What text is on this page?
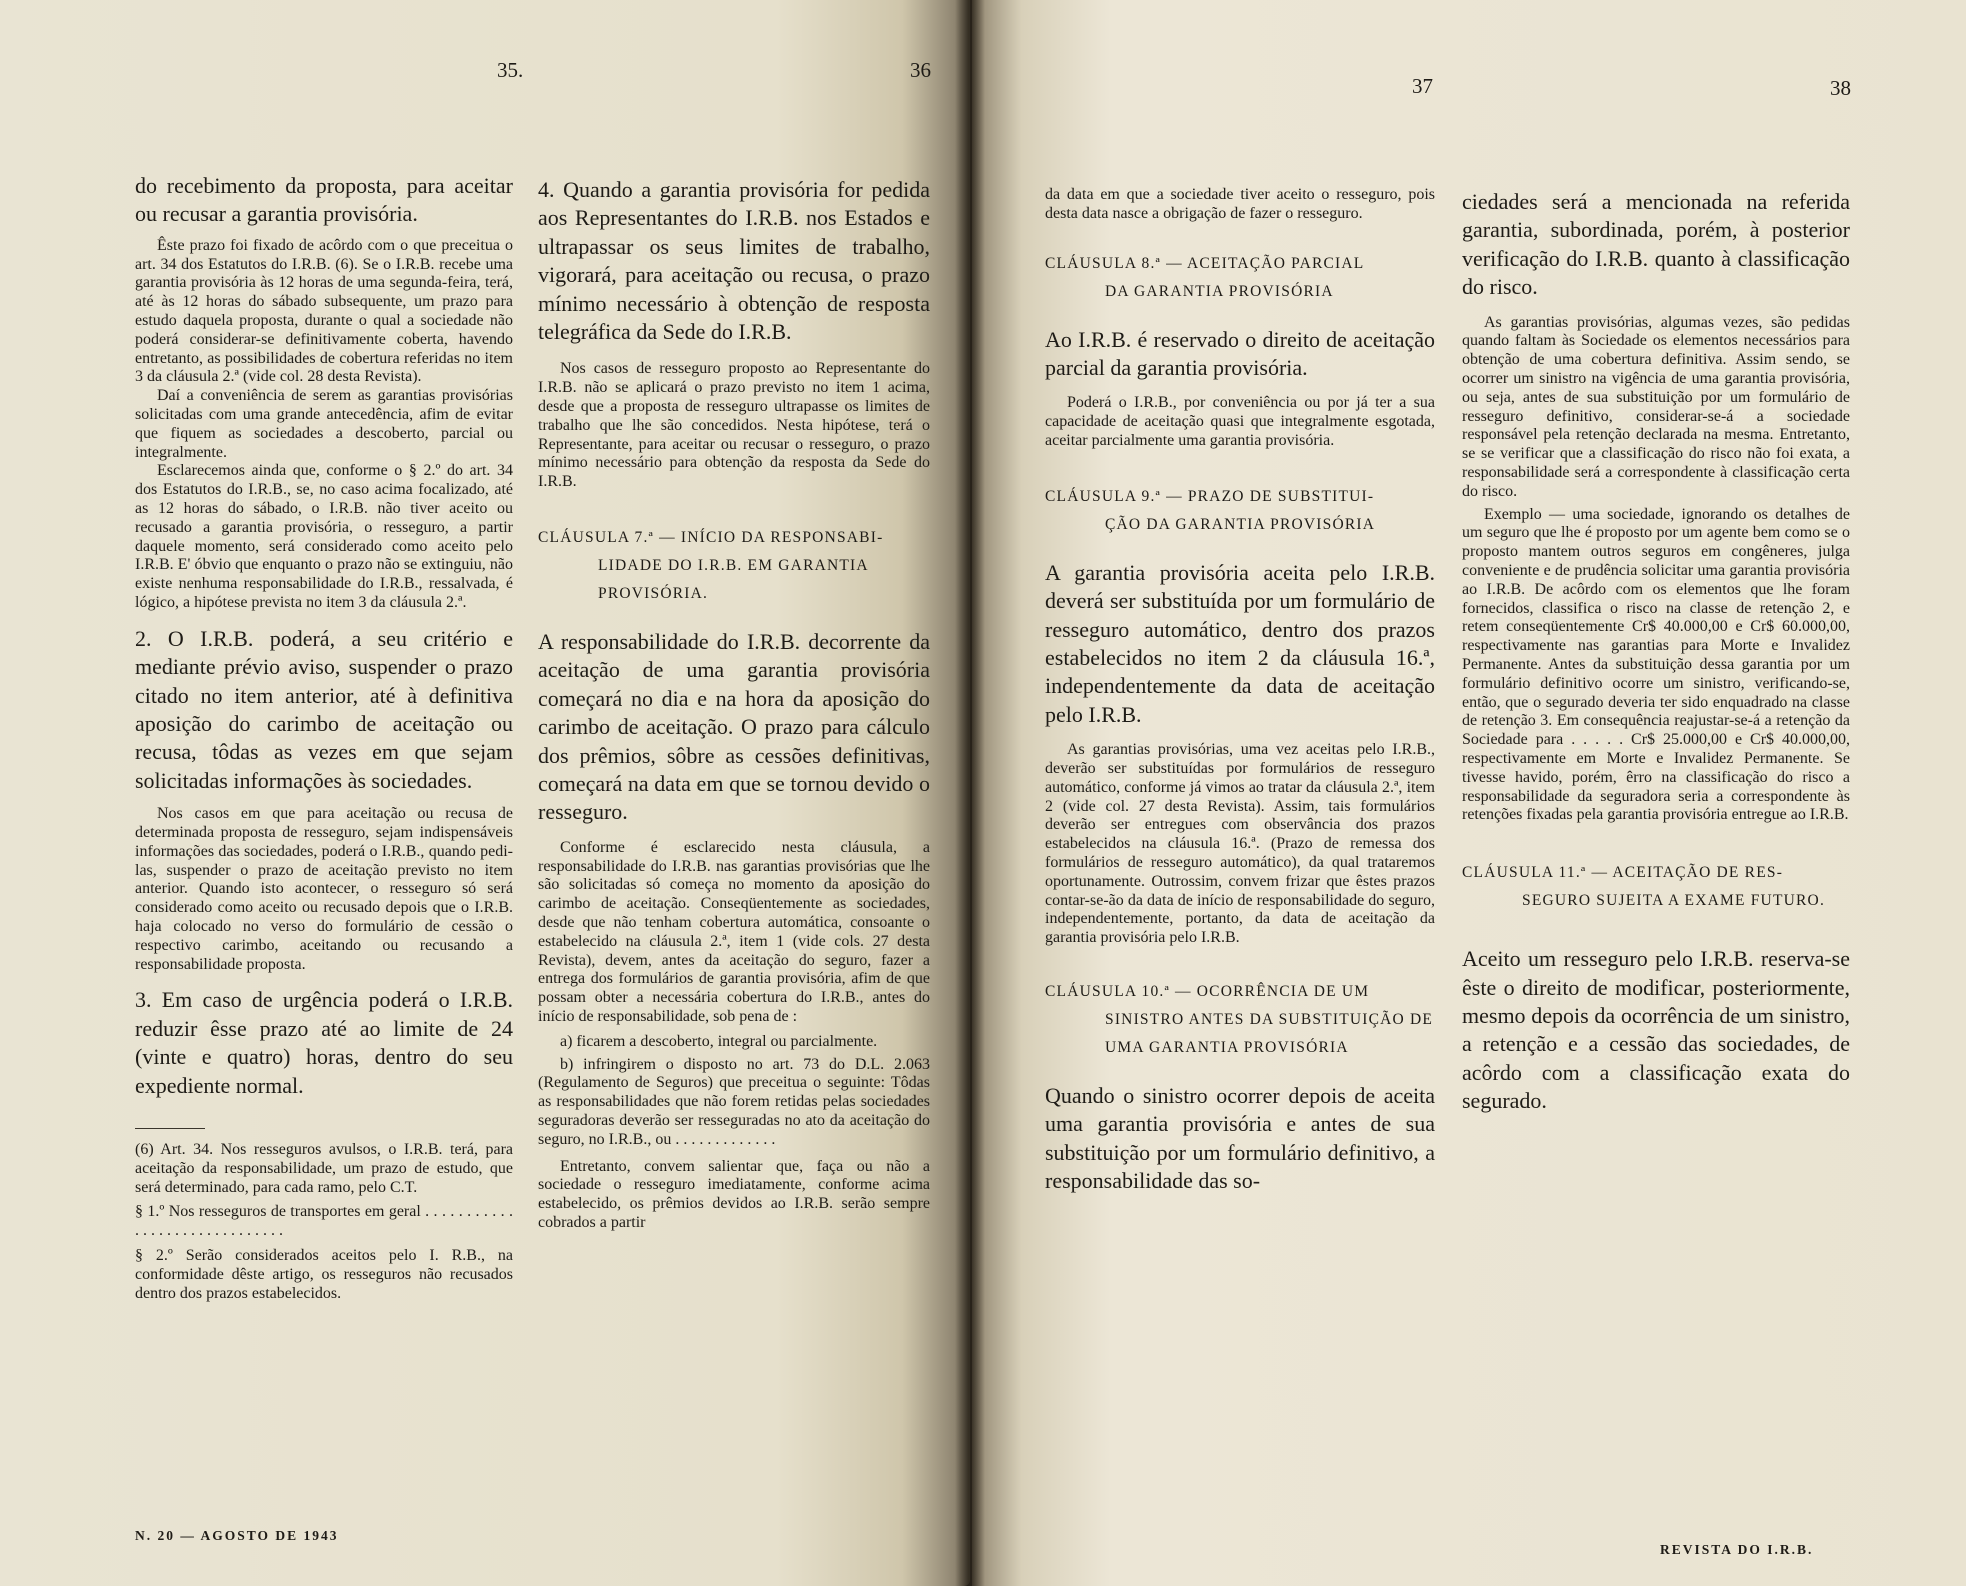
35.	36

do recebimento da proposta, para aceitar ou recusar a garantia provisória.

Êste prazo foi fixado de acôrdo com o que preceitua o art. 34 dos Estatutos do I.R.B. (6). Se o I.R.B. recebe uma garantia provisória às 12 horas de uma segunda-feira, terá, até às 12 horas do sábado subsequente, um prazo para estudo daquela proposta, durante o qual a sociedade não poderá considerar-se definitivamente coberta, havendo entretanto, as possibilidades de cobertura referidas no item 3 da cláusula 2.ª (vide col. 28 desta Revista).

Daí a conveniência de serem as garantias provisórias solicitadas com uma grande antecedência, afim de evitar que fiquem as sociedades a descoberto, parcial ou integralmente.

Esclarecemos ainda que, conforme o § 2.º do art. 34 dos Estatutos do I.R.B., se, no caso acima focalizado, até as 12 horas do sábado, o I.R.B. não tiver aceito ou recusado a garantia provisória, o resseguro, a partir daquele momento, será considerado como aceito pelo I.R.B. E' óbvio que enquanto o prazo não se extinguiu, não existe nenhuma responsabilidade do I.R.B., ressalvada, é lógico, a hipótese prevista no item 3 da cláusula 2.ª.

2. O I.R.B. poderá, a seu critério e mediante prévio aviso, suspender o prazo citado no item anterior, até à definitiva aposição do carimbo de aceitação ou recusa, tôdas as vezes em que sejam solicitadas informações às sociedades.

Nos casos em que para aceitação ou recusa de determinada proposta de resseguro, sejam indispensáveis informações das sociedades, poderá o I.R.B., quando pedi-las, suspender o prazo de aceitação previsto no item anterior. Quando isto acontecer, o resseguro só será considerado como aceito ou recusado depois que o I.R.B. haja colocado no verso do formulário de cessão o respectivo carimbo, aceitando ou recusando a responsabilidade proposta.

3. Em caso de urgência poderá o I.R.B. reduzir êsse prazo até ao limite de 24 (vinte e quatro) horas, dentro do seu expediente normal.

(6) Art. 34. Nos resseguros avulsos, o I.R.B. terá, para aceitação da responsabilidade, um prazo de estudo, que será determinado, para cada ramo, pelo C.T.

§ 1.º Nos resseguros de transportes em geral . . . . . . . . . . . . . . . . . . . . . . . . . . . . . .

§ 2.º Serão considerados aceitos pelo I. R.B., na conformidade dêste artigo, os resseguros não recusados dentro dos prazos estabelecidos.

4. Quando a garantia provisória for pedida aos Representantes do I.R.B. nos Estados e ultrapassar os seus limites de trabalho, vigorará, para aceitação ou recusa, o prazo mínimo necessário à obtenção de resposta telegráfica da Sede do I.R.B.

Nos casos de resseguro proposto ao Representante do I.R.B. não se aplicará o prazo previsto no item 1 acima, desde que a proposta de resseguro ultrapasse os limites de trabalho que lhe são concedidos. Nesta hipótese, terá o Representante, para aceitar ou recusar o resseguro, o prazo mínimo necessário para obtenção da resposta da Sede do I.R.B.

CLÁUSULA 7.ª — INÍCIO DA RESPONSABI-
LIDADE DO I.R.B. EM GARANTIA PROVISÓRIA.

A responsabilidade do I.R.B. decorrente da aceitação de uma garantia provisória começará no dia e na hora da aposição do carimbo de aceitação. O prazo para cálculo dos prêmios, sôbre as cessões definitivas, começará na data em que se tornou devido o resseguro.

Conforme é esclarecido nesta cláusula, a responsabilidade do I.R.B. nas garantias provisórias que lhe são solicitadas só começa no momento da aposição do carimbo de aceitação. Conseqüentemente as sociedades, desde que não tenham cobertura automática, consoante o estabelecido na cláusula 2.ª, item 1 (vide cols. 27 desta Revista), devem, antes da aceitação do seguro, fazer a entrega dos formulários de garantia provisória, afim de que possam obter a necessária cobertura do I.R.B., antes do início de responsabilidade, sob pena de :

a) ficarem a descoberto, integral ou parcialmente.

b) infringirem o disposto no art. 73 do D.L. 2.063 (Regulamento de Seguros) que preceitua o seguinte: Tôdas as responsabilidades que não forem retidas pelas sociedades seguradoras deverão ser resseguradas no ato da aceitação do seguro, no I.R.B., ou . . . . . . . . . . . . .

Entretanto, convem salientar que, faça ou não a sociedade o resseguro imediatamente, conforme acima estabelecido, os prêmios devidos ao I.R.B. serão sempre cobrados a partir

N. 20 — AGOSTO DE 1943
37	38

da data em que a sociedade tiver aceito o resseguro, pois desta data nasce a obrigação de fazer o resseguro.

CLÁUSULA 8.ª — ACEITAÇÃO PARCIAL
DA GARANTIA PROVISÓRIA

Ao I.R.B. é reservado o direito de aceitação parcial da garantia provisória.

Poderá o I.R.B., por conveniência ou por já ter a sua capacidade de aceitação quasi que integralmente esgotada, aceitar parcialmente uma garantia provisória.

CLÁUSULA 9.ª — PRAZO DE SUBSTITUI-
ÇÃO DA GARANTIA PROVISÓRIA

A garantia provisória aceita pelo I.R.B. deverá ser substituída por um formulário de resseguro automático, dentro dos prazos estabelecidos no item 2 da cláusula 16.ª, independentemente da data de aceitação pelo I.R.B.

As garantias provisórias, uma vez aceitas pelo I.R.B., deverão ser substituídas por formulários de resseguro automático, conforme já vimos ao tratar da cláusula 2.ª, item 2 (vide col. 27 desta Revista). Assim, tais formulários deverão ser entregues com observância dos prazos estabelecidos na cláusula 16.ª. (Prazo de remessa dos formulários de resseguro automático), da qual trataremos oportunamente. Outrossim, convem frizar que êstes prazos contar-se-ão da data de início de responsabilidade do seguro, independentemente, portanto, da data de aceitação da garantia provisória pelo I.R.B.

CLÁUSULA 10.ª — OCORRÊNCIA DE UM
SINISTRO ANTES DA SUBSTITUIÇÃO DE UMA GARANTIA PROVISÓRIA

Quando o sinistro ocorrer depois de aceita uma garantia provisória e antes de sua substituição por um formulário definitivo, a responsabilidade das so-

ciedades será a mencionada na referida garantia, subordinada, porém, à posterior verificação do I.R.B. quanto à classificação do risco.

As garantias provisórias, algumas vezes, são pedidas quando faltam às Sociedade os elementos necessários para obtenção de uma cobertura definitiva. Assim sendo, se ocorrer um sinistro na vigência de uma garantia provisória, ou seja, antes de sua substituição por um formulário de resseguro definitivo, considerar-se-á a sociedade responsável pela retenção declarada na mesma. Entretanto, se se verificar que a classificação do risco não foi exata, a responsabilidade será a correspondente à classificação certa do risco.

Exemplo — uma sociedade, ignorando os detalhes de um seguro que lhe é proposto por um agente bem como se o proposto mantem outros seguros em congêneres, julga conveniente e de prudência solicitar uma garantia provisória ao I.R.B. De acôrdo com os elementos que lhe foram fornecidos, classifica o risco na classe de retenção 2, e retem conseqüentemente Cr$ 40.000,00 e Cr$ 60.000,00, respectivamente nas garantias para Morte e Invalidez Permanente. Antes da substituição dessa garantia por um formulário definitivo ocorre um sinistro, verificando-se, então, que o segurado deveria ter sido enquadrado na classe de retenção 3. Em consequência reajustar-se-á a retenção da Sociedade para . . . . . Cr$ 25.000,00 e Cr$ 40.000,00, respectivamente em Morte e Invalidez Permanente. Se tivesse havido, porém, êrro na classificação do risco a responsabilidade da seguradora seria a correspondente às retenções fixadas pela garantia provisória entregue ao I.R.B.

CLÁUSULA 11.ª — ACEITAÇÃO DE RES-
SEGURO SUJEITA A EXAME FUTURO.

Aceito um resseguro pelo I.R.B. reserva-se êste o direito de modificar, posteriormente, mesmo depois da ocorrência de um sinistro, a retenção e a cessão das sociedades, de acôrdo com a classificação exata do segurado.

REVISTA DO I.R.B.
